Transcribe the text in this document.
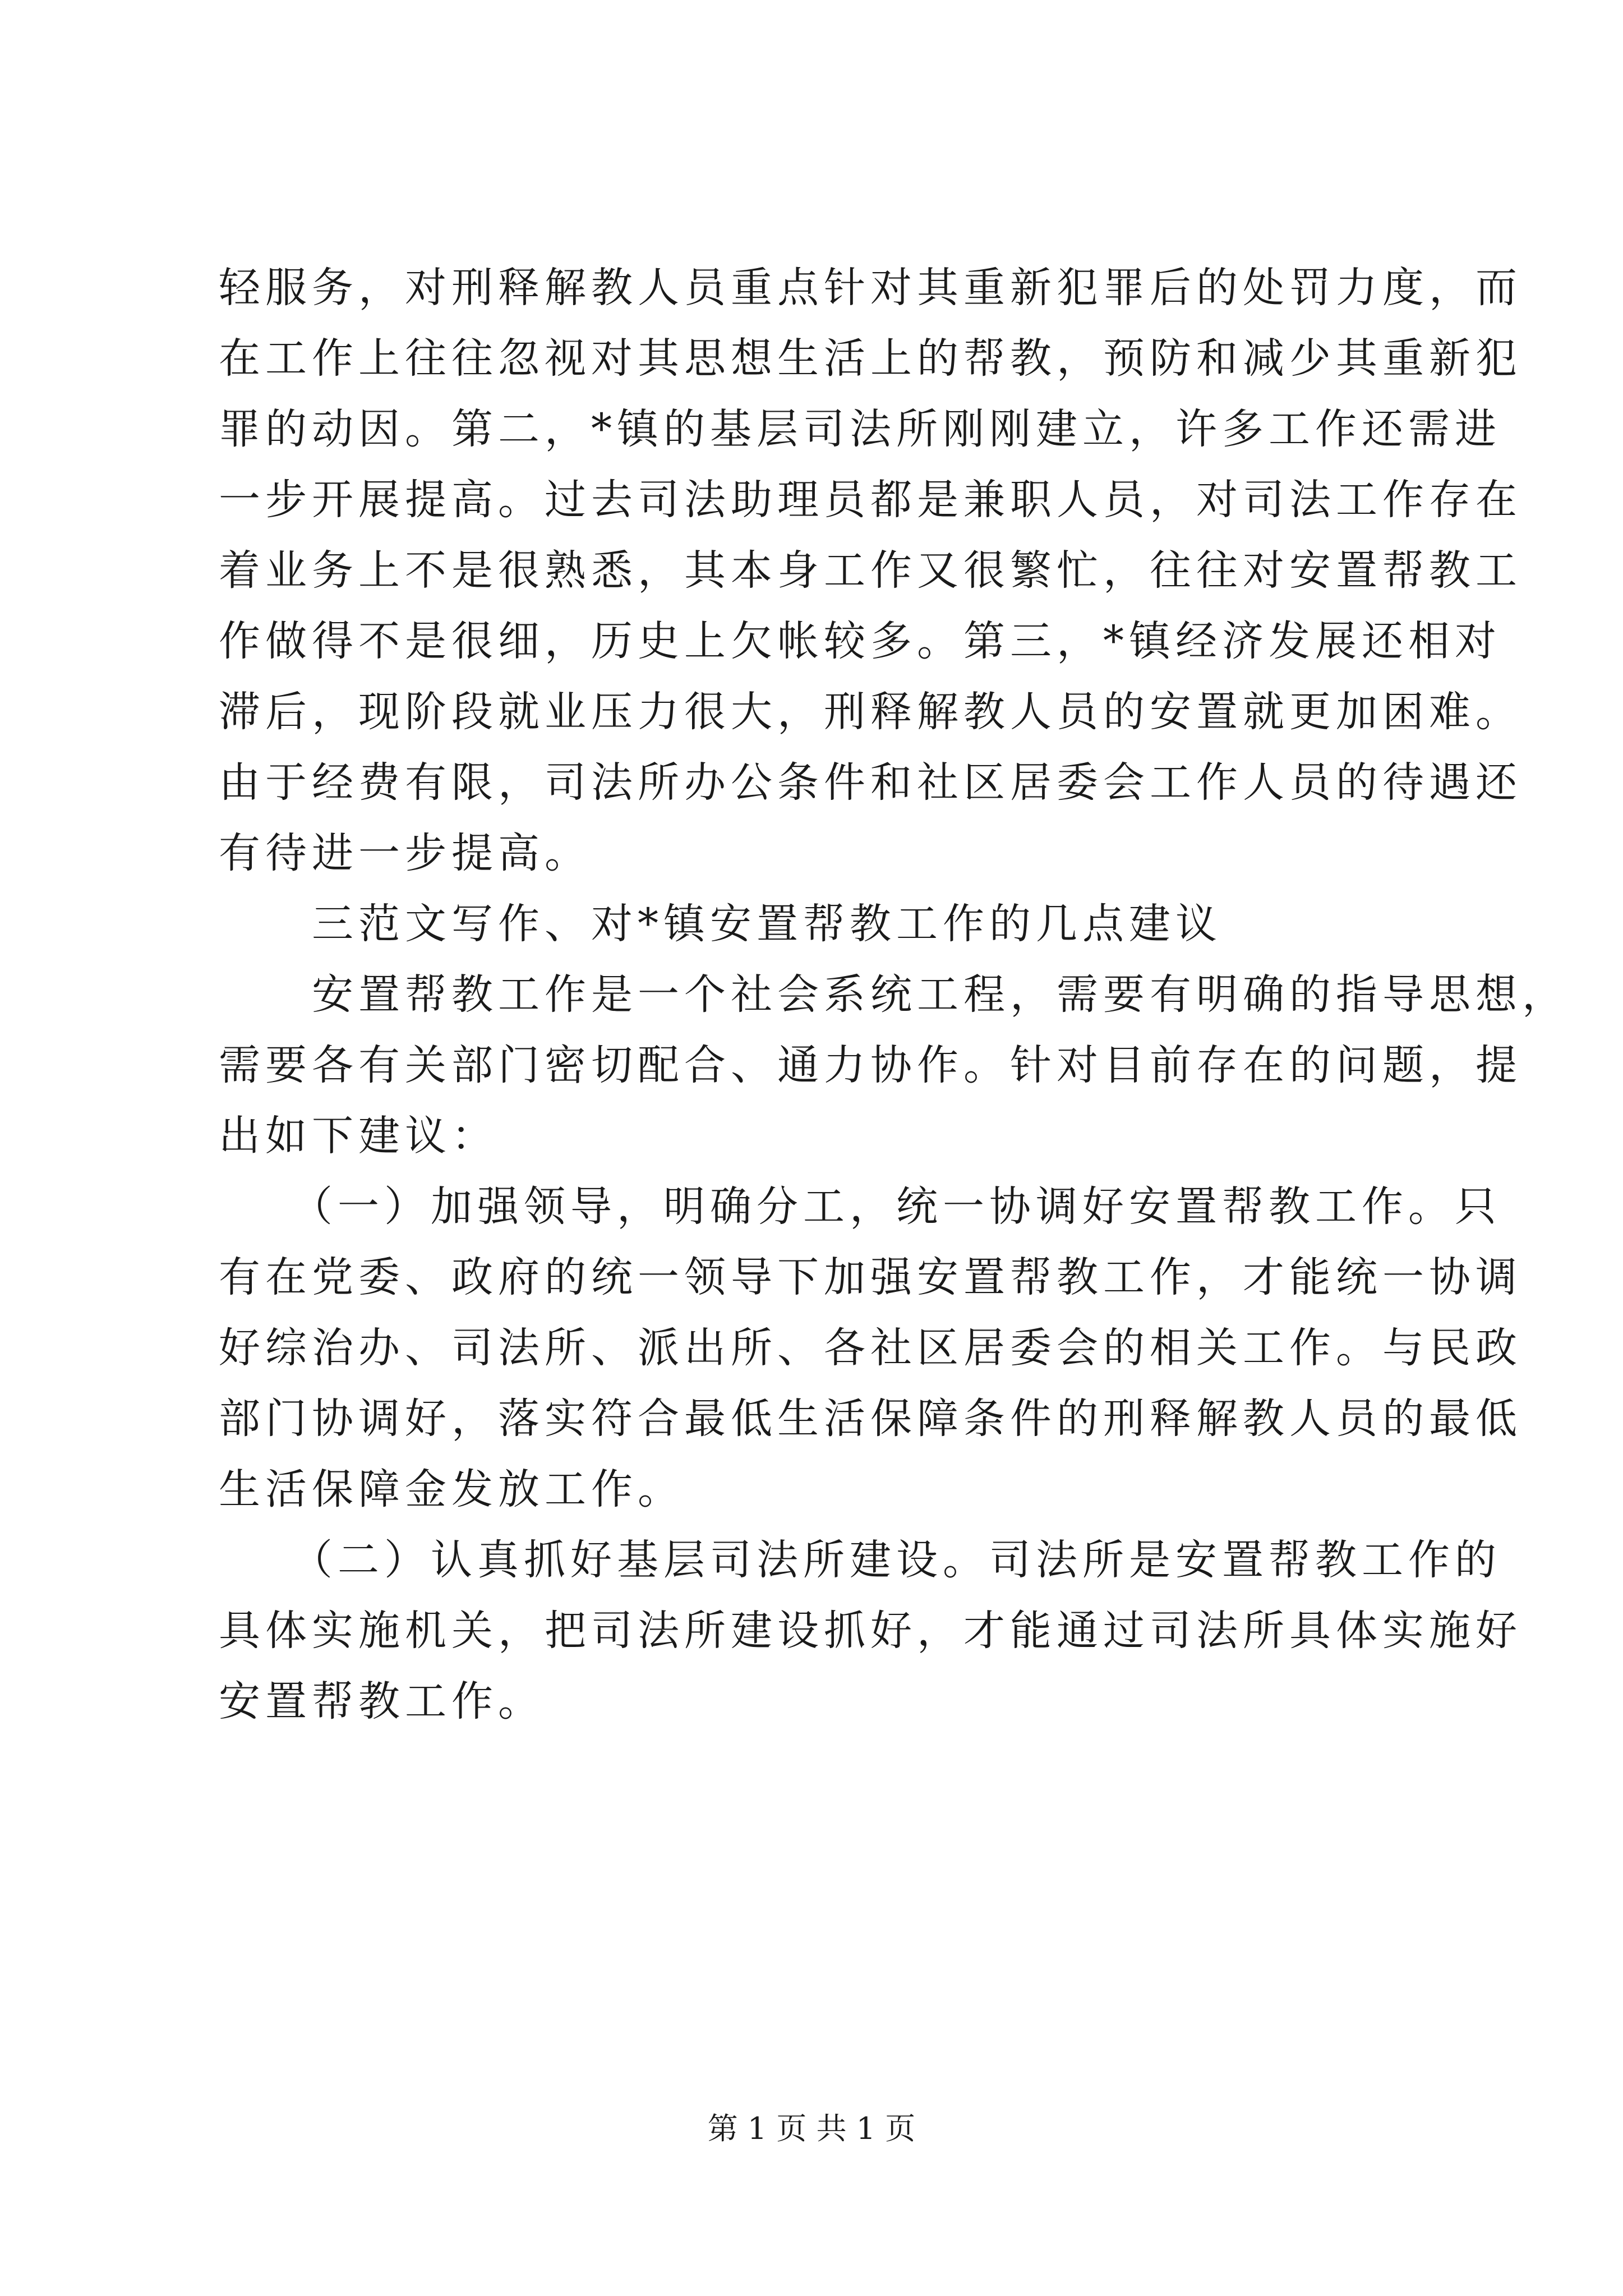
轻服务，对刑释解教人员重点针对其重新犯罪后的处罚力度，而
在工作上往往忽视对其思想生活上的帮教，预防和减少其重新犯
罪的动因。第二，*镇的基层司法所刚刚建立，许多工作还需进
一步开展提高。过去司法助理员都是兼职人员，对司法工作存在
着业务上不是很熟悉，其本身工作又很繁忙，往往对安置帮教工
作做得不是很细，历史上欠帐较多。第三，*镇经济发展还相对
滞后，现阶段就业压力很大，刑释解教人员的安置就更加困难。
由于经费有限，司法所办公条件和社区居委会工作人员的待遇还
有待进一步提高。
　　三范文写作、对*镇安置帮教工作的几点建议
　　安置帮教工作是一个社会系统工程，需要有明确的指导思想，
需要各有关部门密切配合、通力协作。针对目前存在的问题，提
出如下建议：
　　（一）加强领导，明确分工，统一协调好安置帮教工作。只
有在党委、政府的统一领导下加强安置帮教工作，才能统一协调
好综治办、司法所、派出所、各社区居委会的相关工作。与民政
部门协调好，落实符合最低生活保障条件的刑释解教人员的最低
生活保障金发放工作。
　　（二）认真抓好基层司法所建设。司法所是安置帮教工作的
具体实施机关，把司法所建设抓好，才能通过司法所具体实施好
安置帮教工作。
第 1 页 共 1 页
